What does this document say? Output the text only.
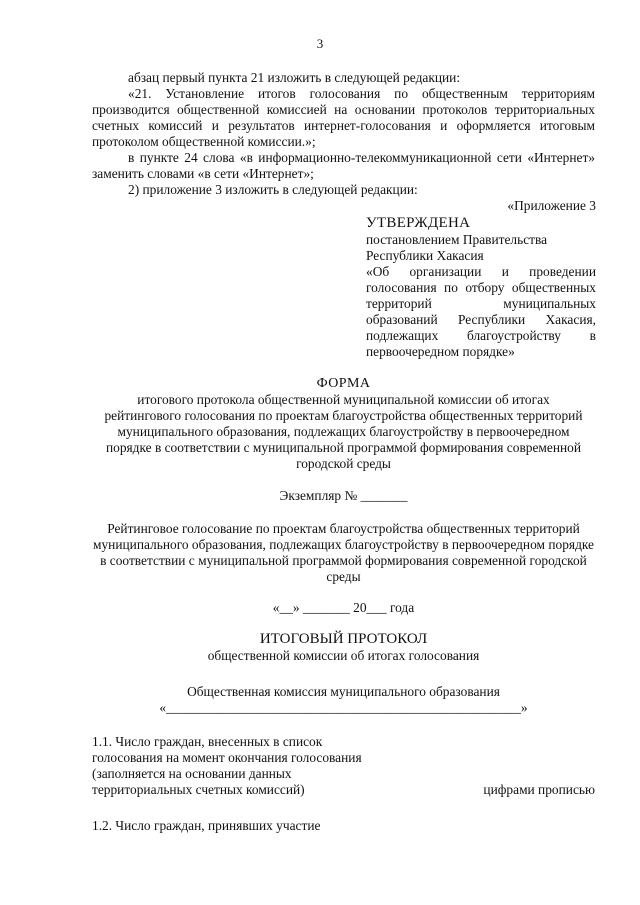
3

абзац первый пункта 21 изложить в следующей редакции:

«21. Установление итогов голосования по общественным территориям производится общественной комиссией на основании протоколов территориальных счетных комиссий и результатов интернет-голосования и оформляется итоговым протоколом общественной комиссии.»;

в пункте 24 слова «в информационно-телекоммуникационной сети «Интернет» заменить словами «в сети «Интернет»;

2) приложение 3 изложить в следующей редакции:

«Приложение 3
УТВЕРЖДЕНА
постановлением Правительства
Республики Хакасия
«Об организации и проведении голосования по отбору общественных территорий муниципальных образований Республики Хакасия, подлежащих благоустройству в первоочередном порядке»
ФОРМА
итогового протокола общественной муниципальной комиссии об итогах рейтингового голосования по проектам благоустройства общественных территорий муниципального образования, подлежащих благоустройству в первоочередном порядке в соответствии с муниципальной программой формирования современной городской среды
Экземпляр № _______
Рейтинговое голосование по проектам благоустройства общественных территорий муниципального образования, подлежащих благоустройству в первоочередном порядке в соответствии с муниципальной программой формирования современной городской среды
«__» _______ 20___ года
ИТОГОВЫЙ ПРОТОКОЛ
общественной комиссии об итогах голосования
Общественная комиссия муниципального образования
«_____________________________________________________»
1.1. Число граждан, внесенных в список
голосования на момент окончания голосования
(заполняется на основании данных
территориальных счетных комиссий)	цифрами прописью
1.2. Число граждан, принявших участие
